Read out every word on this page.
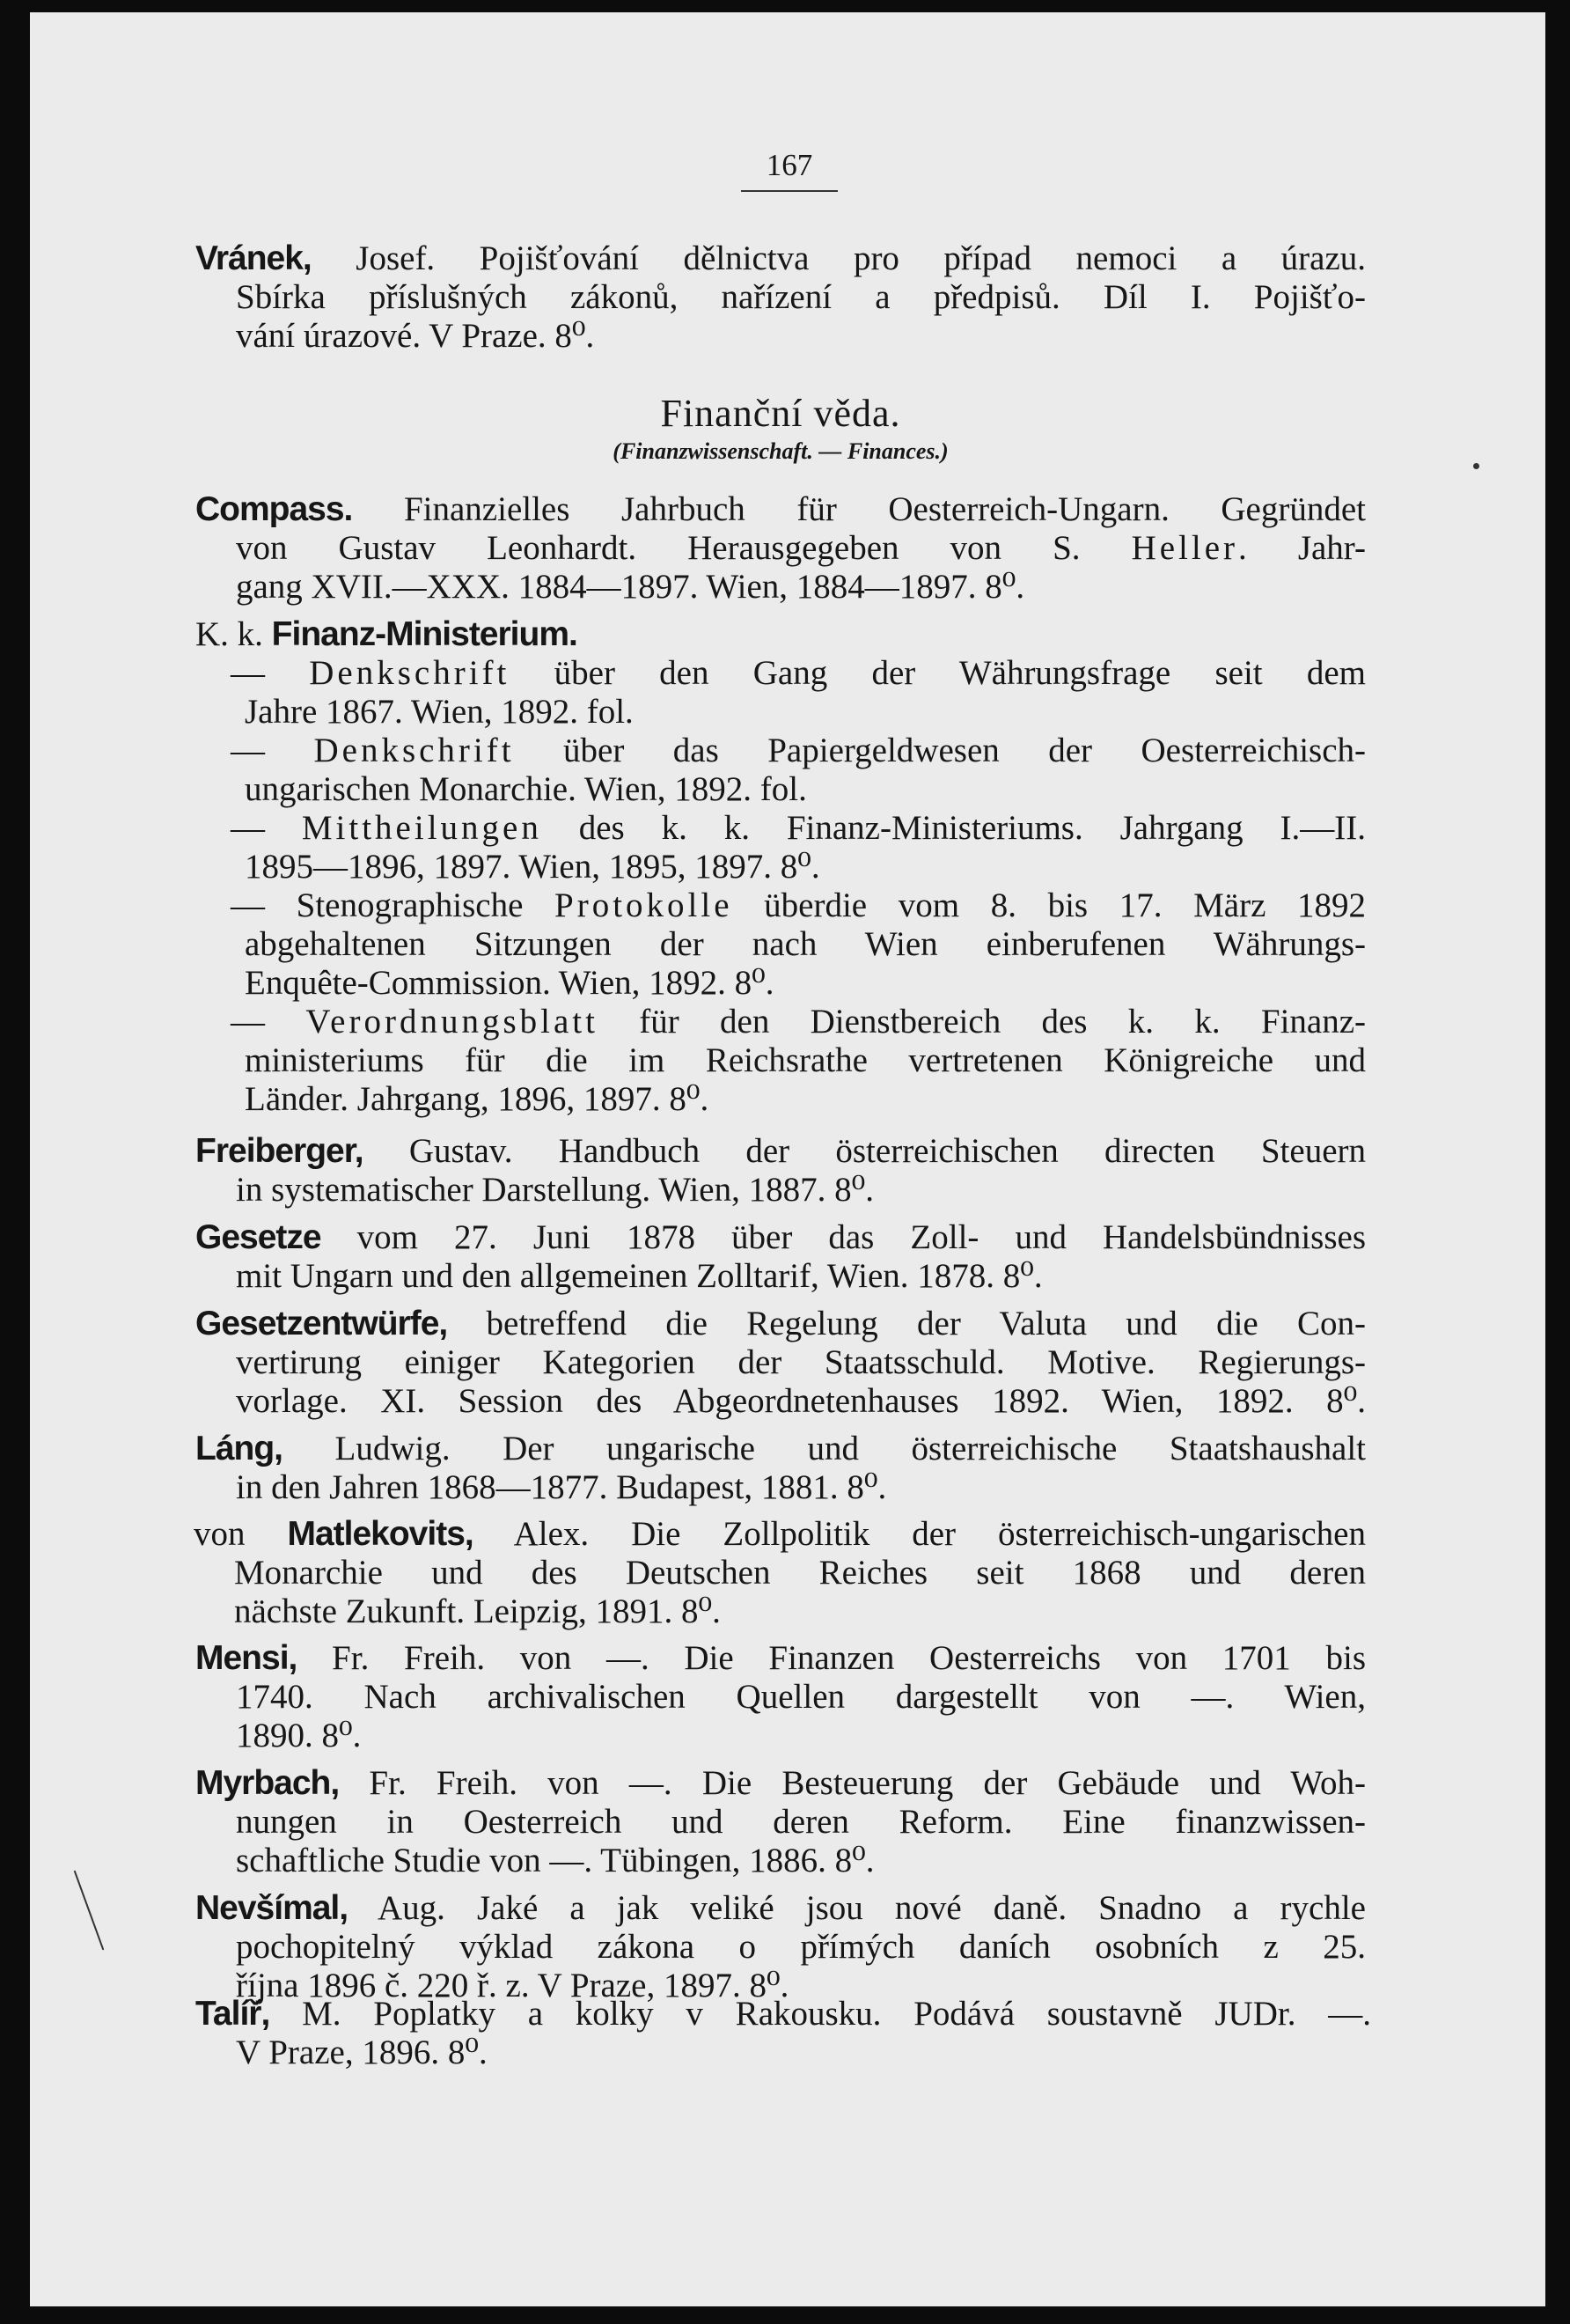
167
Vránek, Josef. Pojišťování dělnictva pro případ nemoci a úrazu.
Sbírka příslušných zákonů, nařízení a předpisů. Díl I. Pojišťo-
vání úrazové. V Praze. 8⁰.
Finanční věda.
(Finanzwissenschaft. — Finances.)
Compass. Finanzielles Jahrbuch für Oesterreich-Ungarn. Gegründet
von Gustav Leonhardt. Herausgegeben von S. Heller. Jahr-
gang XVII.—XXX. 1884—1897. Wien, 1884—1897. 8⁰.
K. k. Finanz-Ministerium.
— Denkschrift über den Gang der Währungsfrage seit dem
Jahre 1867. Wien, 1892. fol.
— Denkschrift über das Papiergeldwesen der Oesterreichisch-
ungarischen Monarchie. Wien, 1892. fol.
— Mittheilungen des k. k. Finanz-Ministeriums. Jahrgang I.—II.
1895—1896, 1897. Wien, 1895, 1897. 8⁰.
— Stenographische Protokolle überdie vom 8. bis 17. März 1892
abgehaltenen Sitzungen der nach Wien einberufenen Währungs-
Enquête-Commission. Wien, 1892. 8⁰.
— Verordnungsblatt für den Dienstbereich des k. k. Finanz-
ministeriums für die im Reichsrathe vertretenen Königreiche und
Länder. Jahrgang, 1896, 1897. 8⁰.
Freiberger, Gustav. Handbuch der österreichischen directen Steuern
in systematischer Darstellung. Wien, 1887. 8⁰.
Gesetze vom 27. Juni 1878 über das Zoll- und Handelsbündnisses
mit Ungarn und den allgemeinen Zolltarif, Wien. 1878. 8⁰.
Gesetzentwürfe, betreffend die Regelung der Valuta und die Con-
vertirung einiger Kategorien der Staatsschuld. Motive. Regierungs-
vorlage. XI. Session des Abgeordnetenhauses 1892. Wien, 1892. 8⁰.
Láng, Ludwig. Der ungarische und österreichische Staatshaushalt
in den Jahren 1868—1877. Budapest, 1881. 8⁰.
von Matlekovits, Alex. Die Zollpolitik der österreichisch-ungarischen
Monarchie und des Deutschen Reiches seit 1868 und deren
nächste Zukunft. Leipzig, 1891. 8⁰.
Mensi, Fr. Freih. von —. Die Finanzen Oesterreichs von 1701 bis
1740. Nach archivalischen Quellen dargestellt von —. Wien,
1890. 8⁰.
Myrbach, Fr. Freih. von —. Die Besteuerung der Gebäude und Woh-
nungen in Oesterreich und deren Reform. Eine finanzwissen-
schaftliche Studie von —. Tübingen, 1886. 8⁰.
Nevšímal, Aug. Jaké a jak veliké jsou nové daně. Snadno a rychle
pochopitelný výklad zákona o přímých daních osobních z 25.
října 1896 č. 220 ř. z. V Praze, 1897. 8⁰.
Talíř, M. Poplatky a kolky v Rakousku. Podává soustavně JUDr. —.
V Praze, 1896. 8⁰.
